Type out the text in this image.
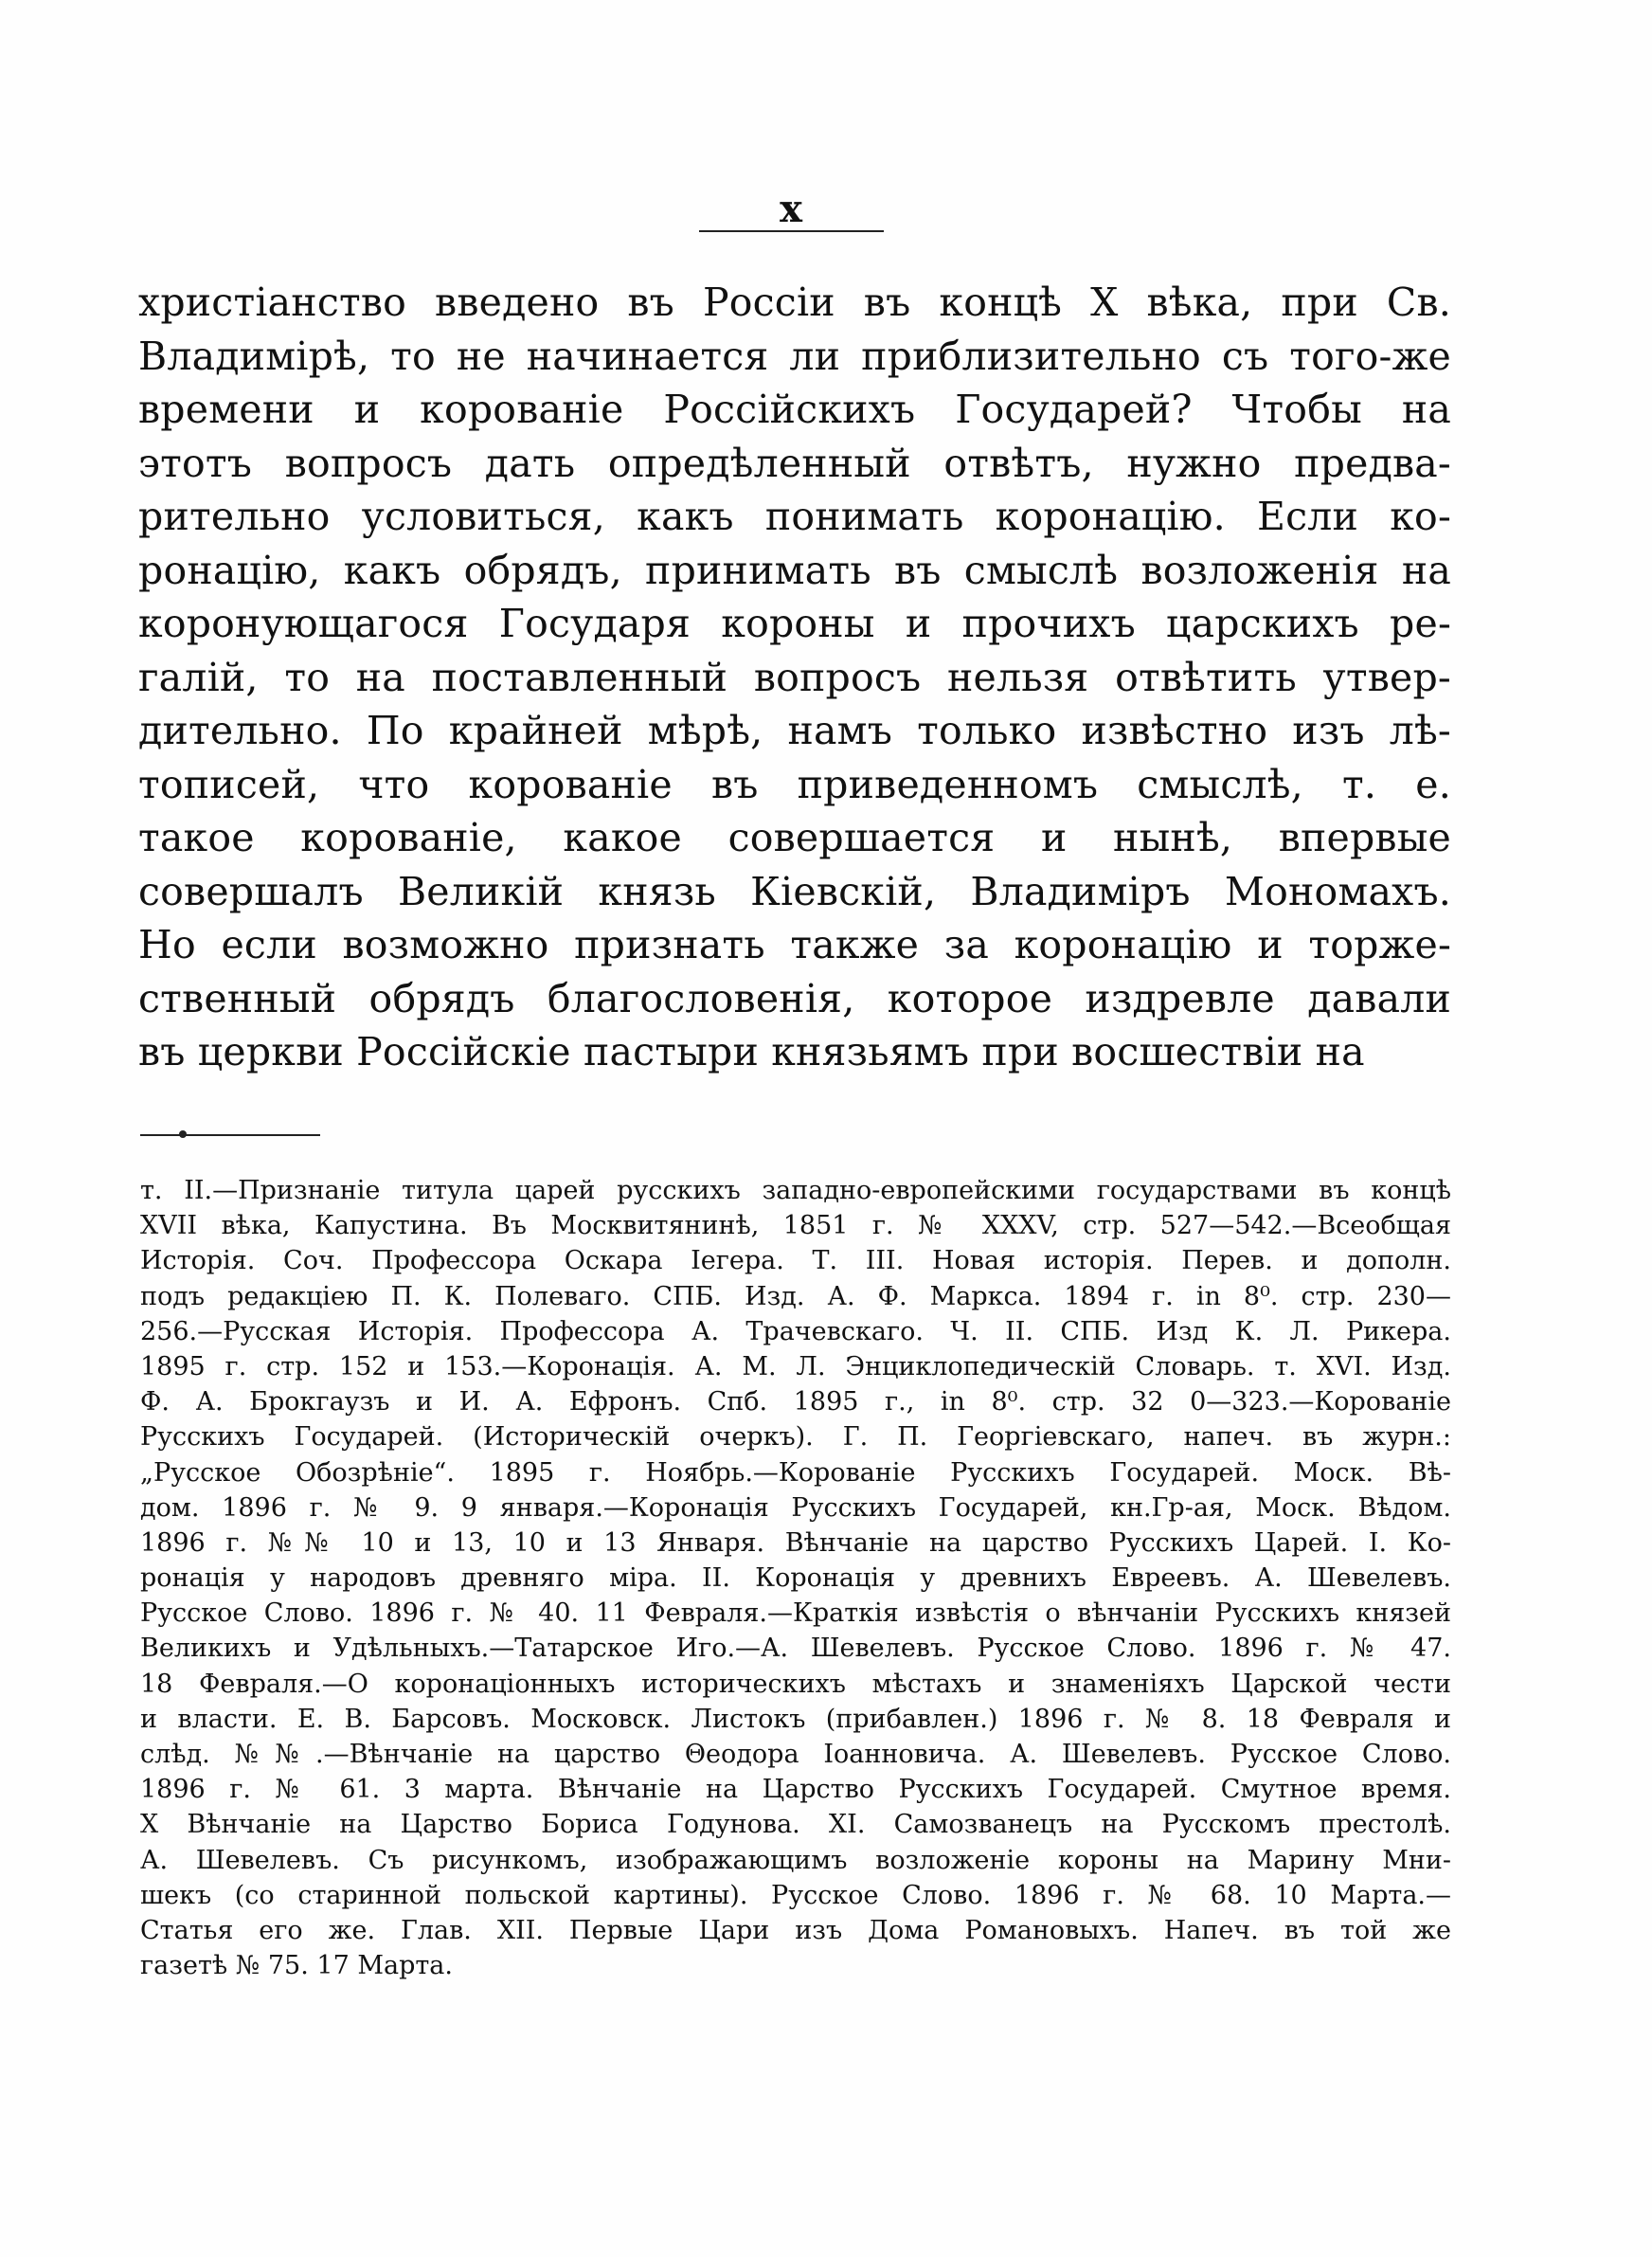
х
христіанство введено въ Россіи въ концѣ Х вѣка, при Св.
Владимірѣ, то не начинается ли приблизительно съ того-же
времени и корованіе Россійскихъ Государей? Чтобы на
этотъ вопросъ дать опредѣленный отвѣтъ, нужно предва-
рительно условиться, какъ понимать коронацію. Если ко-
ронацію, какъ обрядъ, принимать въ смыслѣ возложенія на
коронующагося Государя короны и прочихъ царскихъ ре-
галій, то на поставленный вопросъ нельзя отвѣтить утвер-
дительно. По крайней мѣрѣ, намъ только извѣстно изъ лѣ-
тописей, что корованіе въ приведенномъ смыслѣ, т. е.
такое корованіе, какое совершается и нынѣ, впервые
совершалъ Великій князь Кіевскій, Владиміръ Мономахъ.
Но если возможно признать также за коронацію и торже-
ственный обрядъ благословенія, которое издревле давали
въ церкви Россійскіе пастыри князьямъ при восшествіи на
т. II.—Признаніе титула царей русскихъ западно-европейскими государствами въ концѣ
XVII вѣка, Капустина. Въ Москвитянинѣ, 1851 г. № XXXV, стр. 527—542.—Всеобщая
Исторія. Соч. Профессора Оскара Іегера. Т. III. Новая исторія. Перев. и дополн.
подъ редакціею П. К. Полеваго. СПБ. Изд. А. Ф. Маркса. 1894 г. in 8⁰. стр. 230—
256.—Русская Исторія. Профессора А. Трачевскаго. Ч. II. СПБ. Изд К. Л. Рикера.
1895 г. стр. 152 и 153.—Коронація. А. М. Л. Энциклопедическій Словарь. т. XVI. Изд.
Ф. А. Брокгаузъ и И. А. Ефронъ. Спб. 1895 г., in 8⁰. стр. 32 0—323.—Корованіе
Русскихъ Государей. (Историческій очеркъ). Г. П. Георгіевскаго, напеч. въ журн.:
„Русское Обозрѣніе“. 1895 г. Ноябрь.—Корованіе Русскихъ Государей. Моск. Вѣ-
дом. 1896 г. № 9. 9 января.—Коронація Русскихъ Государей, кн.Гр-ая, Моск. Вѣдом.
1896 г. №№ 10 и 13, 10 и 13 Января. Вѣнчаніе на царство Русскихъ Царей. I. Ко-
ронація у народовъ древняго міра. II. Коронація у древнихъ Евреевъ. А. Шевелевъ.
Русское Слово. 1896 г. № 40. 11 Февраля.—Краткія извѣстія о вѣнчаніи Русскихъ князей
Великихъ и Удѣльныхъ.—Татарское Иго.—А. Шевелевъ. Русское Слово. 1896 г. № 47.
18 Февраля.—О коронаціонныхъ историческихъ мѣстахъ и знаменіяхъ Царской чести
и власти. Е. В. Барсовъ. Московск. Листокъ (прибавлен.) 1896 г. № 8. 18 Февраля и
слѣд. №№.—Вѣнчаніе на царство Θеодора Іоанновича. А. Шевелевъ. Русское Слово.
1896 г. № 61. 3 марта. Вѣнчаніе на Царство Русскихъ Государей. Смутное время.
Х Вѣнчаніе на Царство Бориса Годунова. XI. Самозванецъ на Русскомъ престолѣ.
А. Шевелевъ. Съ рисункомъ, изображающимъ возложеніе короны на Марину Мни-
шекъ (со старинной польской картины). Русское Слово. 1896 г. № 68. 10 Марта.—
Статья его же. Глав. XII. Первые Цари изъ Дома Романовыхъ. Напеч. въ той же
газетѣ № 75. 17 Марта.
